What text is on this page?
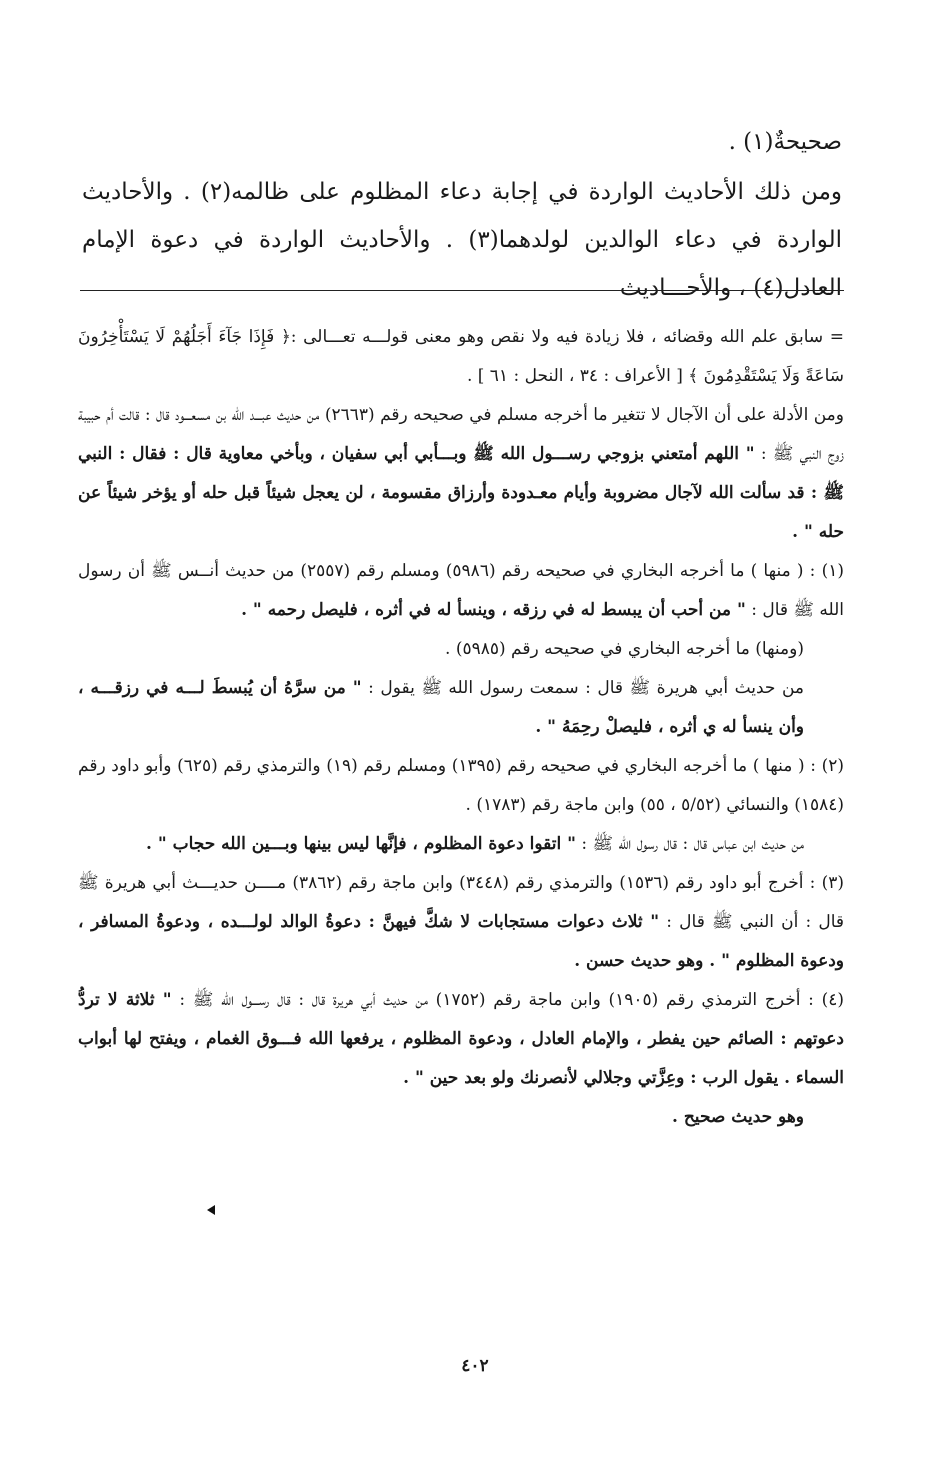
صحيحةٌ(١) .

ومن ذلك الأحاديث الواردة في إجابة دعاء المظلوم على ظالمه(٢) . والأحاديث الواردة في دعاء الوالدين لولدهما(٣) . والأحاديث الواردة في دعوة الإمام العادل(٤) ، والأحـــاديث

= سابق علم الله وقضائه ، فلا زيادة فيه ولا نقص وهو معنى قولـــه تعـــالى :﴿ فَإِذَا جَآءَ أَجَلُهُمْ لَا يَسْتَأْخِرُونَ سَاعَةً وَلَا يَسْتَقْدِمُونَ ﴾ [ الأعراف : ٣٤ ، النحل : ٦١ ] .

ومن الأدلة على أن الآجال لا تتغير ما أخرجه مسلم في صحيحه رقم (٢٦٦٣) من حديث عبـــد الله بن مسعـــود قال : قالت أم حبيبة زوج النبي ﷺ : " اللهم أمتعني بزوجي رســـول الله ﷺ وبـــأبي أبي سفيان ، وبأخي معاوية قال : فقال : النبي ﷺ : قد سألت الله لآجال مضروبة وأيام معـدودة وأرزاق مقسومة ، لن يعجل شيئاً قبل حله أو يؤخر شيئاً عن حله " .

(١) : ( منها ) ما أخرجه البخاري في صحيحه رقم (٥٩٨٦) ومسلم رقم (٢٥٥٧) من حديث أنــس ﷺ أن رسول الله ﷺ قال : " من أحب أن يبسط له في رزقه ، وينسأ له في أثره ، فليصل رحمه " .

(ومنها) ما أخرجه البخاري في صحيحه رقم (٥٩٨٥) .

من حديث أبي هريرة ﷺ قال : سمعت رسول الله ﷺ يقول : " من سرَّهُ أن يُبسطَ لـــه في رزقـــه ، وأن ينسأ له ي أثره ، فليصلْ رحِمَهُ " .

(٢) : ( منها ) ما أخرجه البخاري في صحيحه رقم (١٣٩٥) ومسلم رقم (١٩) والترمذي رقم (٦٢٥) وأبو داود رقم (١٥٨٤) والنسائي (٥/٥٢ ، ٥٥) وابن ماجة رقم (١٧٨٣) .

من حديث ابن عباس قال : قال رسول الله ﷺ : " اتقوا دعوة المظلوم ، فإنَّها ليس بينها وبـــين الله حجاب " .

(٣) : أخرج أبو داود رقم (١٥٣٦) والترمذي رقم (٣٤٤٨) وابن ماجة رقم (٣٨٦٢) مــــن حديـــث أبي هريرة ﷺ قال : أن النبي ﷺ قال : " ثلاث دعوات مستجابات لا شكَّ فيهنَّ : دعوةُ الوالد لولـــده ، ودعوةُ المسافر ، ودعوة المظلوم " . وهو حديث حسن .

(٤) : أخرج الترمذي رقم (١٩٠٥) وابن ماجة رقم (١٧٥٢) من حديث أبي هريرة قال : قال رســـول الله ﷺ : " ثلاثة لا تردُّ دعوتهم : الصائم حين يفطر ، والإمام العادل ، ودعوة المظلوم ، يرفعها الله فـــوق الغمام ، ويفتح لها أبواب السماء . يقول الرب : وعِزَّتي وجلالي لأنصرنك ولو بعد حين " .

وهو حديث صحيح .

٤٠٢
